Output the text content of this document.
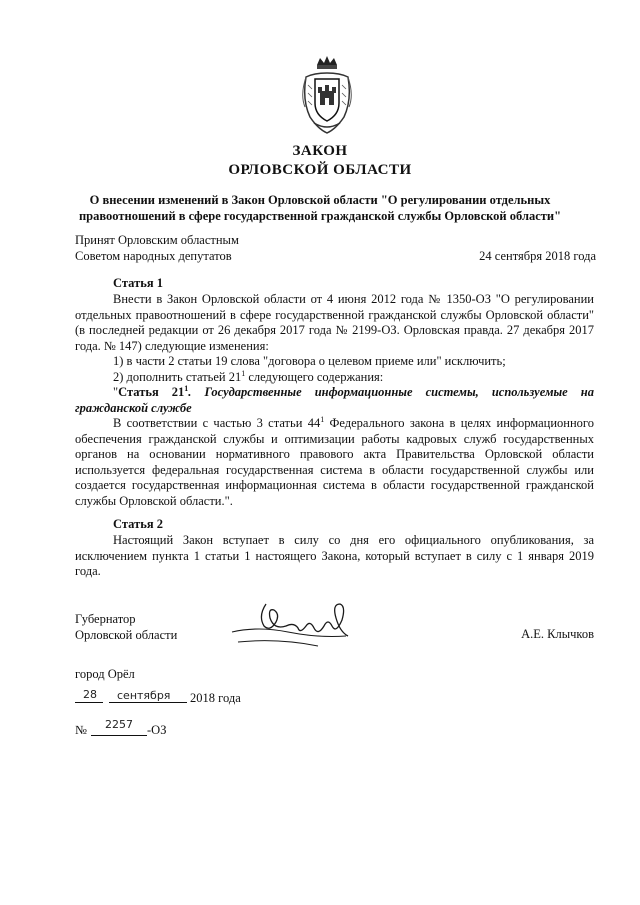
ЗАКОН
ОРЛОВСКОЙ ОБЛАСТИ
О внесении изменений в Закон Орловской области "О регулировании отдельных
правоотношений в сфере государственной гражданской службы Орловской области"
Принят Орловским областным
Советом народных депутатов	24 сентября 2018 года
Статья 1
Внести в Закон Орловской области от 4 июня 2012 года № 1350-ОЗ "О регулировании отдельных правоотношений в сфере государственной гражданской службы Орловской области" (в последней редакции от 26 декабря 2017 года № 2199-ОЗ. Орловская правда. 27 декабря 2017 года. № 147) следующие изменения:
1) в части 2 статьи 19 слова "договора о целевом приеме или" исключить;
2) дополнить статьей $21^1$ следующего содержания:
"Статья $21^1$. Государственные информационные системы, используемые на гражданской службе
В соответствии с частью 3 статьи $44^1$ Федерального закона в целях информационного обеспечения гражданской службы и оптимизации работы кадровых служб государственных органов на основании нормативного правового акта Правительства Орловской области используется федеральная государственная система в области государственной службы или создается государственная информационная система в области государственной гражданской службы Орловской области.".
Статья 2
Настоящий Закон вступает в силу со дня его официального опубликования, за исключением пункта 1 статьи 1 настоящего Закона, который вступает в силу с 1 января 2019 года.
Губернатор
Орловской области	А.Е. Клычков
город Орёл
28 сентября 2018 года
№ 2257 -ОЗ
